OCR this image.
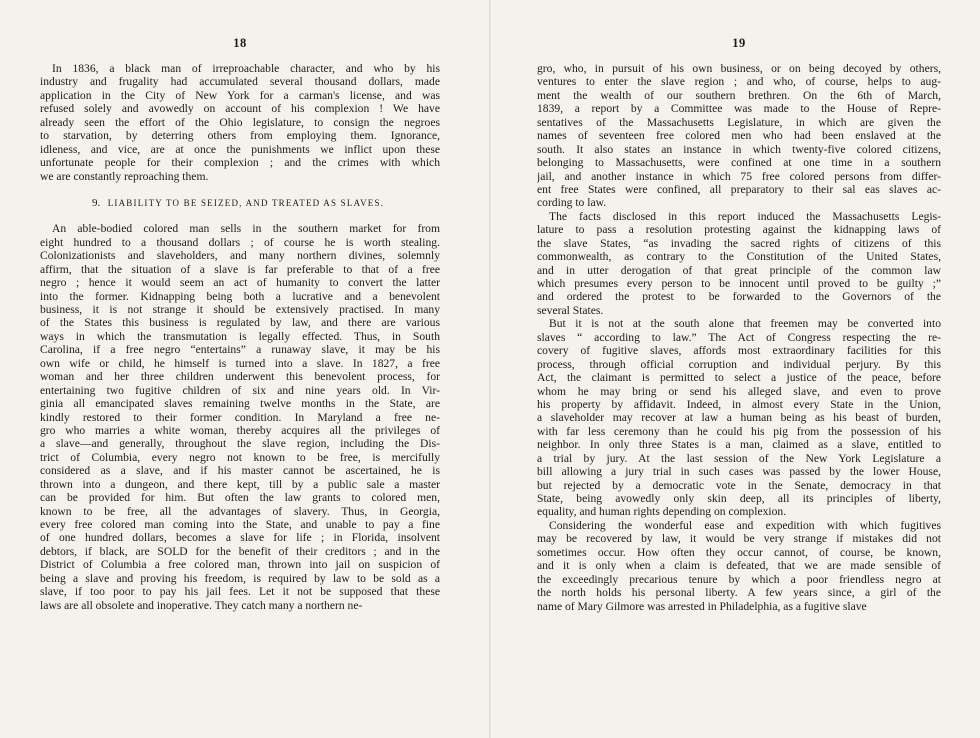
18
In 1836, a black man of irreproachable character, and who by his
industry and frugality had accumulated several thousand dollars, made
application in the City of New York for a carman's license, and was
refused solely and avowedly on account of his complexion ! We have
already seen the effort of the Ohio legislature, to consign the negroes
to starvation, by deterring others from employing them. Ignorance,
idleness, and vice, are at once the punishments we inflict upon these
unfortunate people for their complexion ; and the crimes with which
we are constantly reproaching them.
9. LIABILITY TO BE SEIZED, AND TREATED AS SLAVES.
An able-bodied colored man sells in the southern market for from
eight hundred to a thousand dollars ; of course he is worth stealing.
Colonizationists and slaveholders, and many northern divines, solemnly
affirm, that the situation of a slave is far preferable to that of a free
negro ; hence it would seem an act of humanity to convert the latter
into the former. Kidnapping being both a lucrative and a benevolent
business, it is not strange it should be extensively practised. In many
of the States this business is regulated by law, and there are various
ways in which the transmutation is legally effected. Thus, in South
Carolina, if a free negro “entertains” a runaway slave, it may be his
own wife or child, he himself is turned into a slave. In 1827, a free
woman and her three children underwent this benevolent process, for
entertaining two fugitive children of six and nine years old. In Vir-
ginia all emancipated slaves remaining twelve months in the State, are
kindly restored to their former condition. In Maryland a free ne-
gro who marries a white woman, thereby acquires all the privileges of
a slave—and generally, throughout the slave region, including the Dis-
trict of Columbia, every negro not known to be free, is mercifully
considered as a slave, and if his master cannot be ascertained, he is
thrown into a dungeon, and there kept, till by a public sale a master
can be provided for him. But often the law grants to colored men,
known to be free, all the advantages of slavery. Thus, in Georgia,
every free colored man coming into the State, and unable to pay a fine
of one hundred dollars, becomes a slave for life ; in Florida, insolvent
debtors, if black, are SOLD for the benefit of their creditors ; and in the
District of Columbia a free colored man, thrown into jail on suspicion of
being a slave and proving his freedom, is required by law to be sold as a
slave, if too poor to pay his jail fees. Let it not be supposed that these
laws are all obsolete and inoperative. They catch many a northern ne-
19
gro, who, in pursuit of his own business, or on being decoyed by others,
ventures to enter the slave region ; and who, of course, helps to aug-
ment the wealth of our southern brethren. On the 6th of March,
1839, a report by a Committee was made to the House of Repre-
sentatives of the Massachusetts Legislature, in which are given the
names of seventeen free colored men who had been enslaved at the
south. It also states an instance in which twenty-five colored citizens,
belonging to Massachusetts, were confined at one time in a southern
jail, and another instance in which 75 free colored persons from differ-
ent free States were confined, all preparatory to their sal eas slaves ac-
cording to law.
The facts disclosed in this report induced the Massachusetts Legis-
lature to pass a resolution protesting against the kidnapping laws of
the slave States, “as invading the sacred rights of citizens of this
commonwealth, as contrary to the Constitution of the United States,
and in utter derogation of that great principle of the common law
which presumes every person to be innocent until proved to be guilty ;”
and ordered the protest to be forwarded to the Governors of the
several States.
But it is not at the south alone that freemen may be converted into
slaves “ according to law.” The Act of Congress respecting the re-
covery of fugitive slaves, affords most extraordinary facilities for this
process, through official corruption and individual perjury. By this
Act, the claimant is permitted to select a justice of the peace, before
whom he may bring or send his alleged slave, and even to prove
his property by affidavit. Indeed, in almost every State in the Union,
a slaveholder may recover at law a human being as his beast of burden,
with far less ceremony than he could his pig from the possession of his
neighbor. In only three States is a man, claimed as a slave, entitled to
a trial by jury. At the last session of the New York Legislature a
bill allowing a jury trial in such cases was passed by the lower House,
but rejected by a democratic vote in the Senate, democracy in that
State, being avowedly only skin deep, all its principles of liberty,
equality, and human rights depending on complexion.
Considering the wonderful ease and expedition with which fugitives
may be recovered by law, it would be very strange if mistakes did not
sometimes occur. How often they occur cannot, of course, be known,
and it is only when a claim is defeated, that we are made sensible of
the exceedingly precarious tenure by which a poor friendless negro at
the north holds his personal liberty. A few years since, a girl of the
name of Mary Gilmore was arrested in Philadelphia, as a fugitive slave
